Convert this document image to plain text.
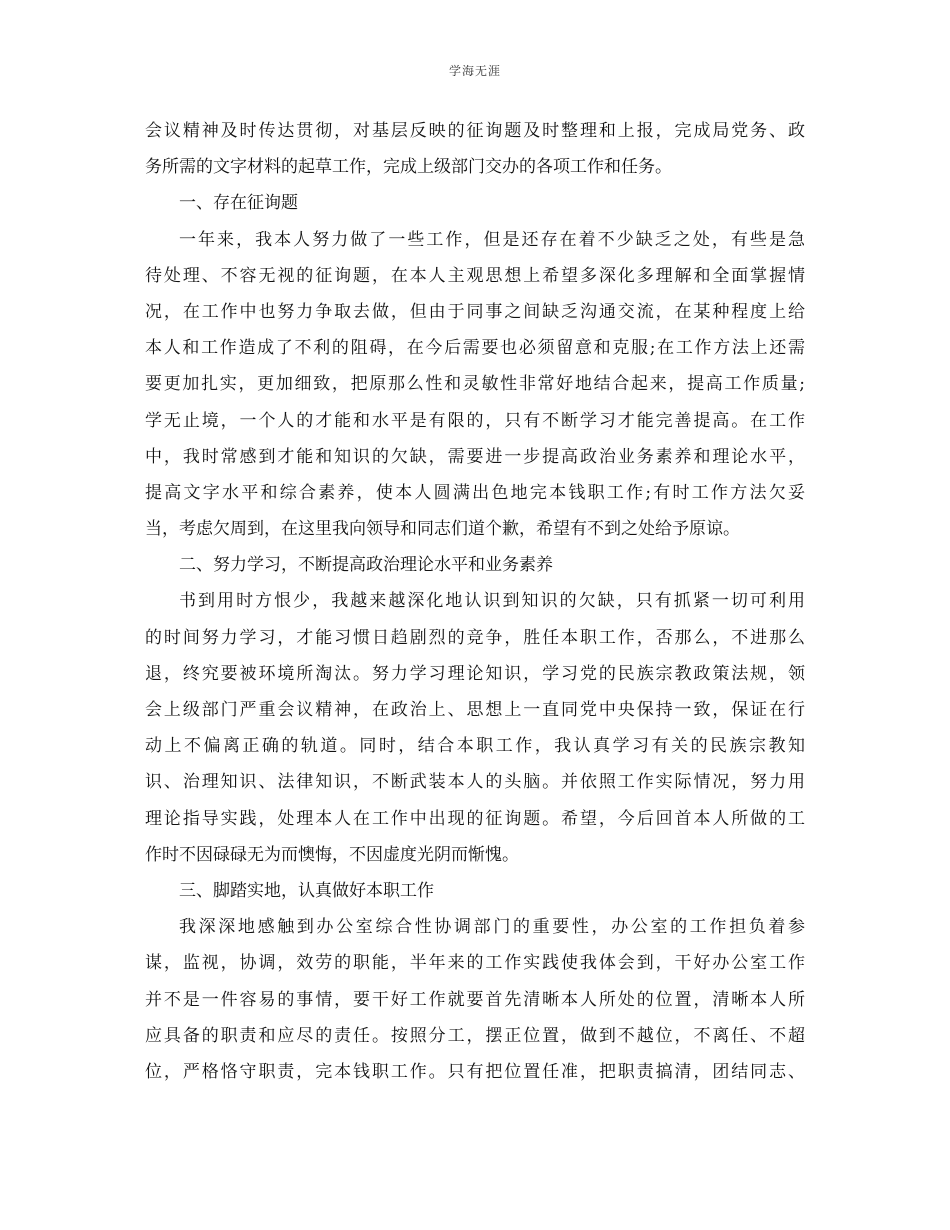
学海无涯
会议精神及时传达贯彻，对基层反映的征询题及时整理和上报，完成局党务、政
务所需的文字材料的起草工作，完成上级部门交办的各项工作和任务。
一、存在征询题
一年来，我本人努力做了一些工作，但是还存在着不少缺乏之处，有些是急
待处理、不容无视的征询题，在本人主观思想上希望多深化多理解和全面掌握情
况，在工作中也努力争取去做，但由于同事之间缺乏沟通交流，在某种程度上给
本人和工作造成了不利的阻碍，在今后需要也必须留意和克服;在工作方法上还需
要更加扎实，更加细致，把原那么性和灵敏性非常好地结合起来，提高工作质量;
学无止境，一个人的才能和水平是有限的，只有不断学习才能完善提高。在工作
中，我时常感到才能和知识的欠缺，需要进一步提高政治业务素养和理论水平，
提高文字水平和综合素养，使本人圆满出色地完本钱职工作;有时工作方法欠妥
当，考虑欠周到，在这里我向领导和同志们道个歉，希望有不到之处给予原谅。
二、努力学习，不断提高政治理论水平和业务素养
书到用时方恨少，我越来越深化地认识到知识的欠缺，只有抓紧一切可利用
的时间努力学习，才能习惯日趋剧烈的竞争，胜任本职工作，否那么，不进那么
退，终究要被环境所淘汰。努力学习理论知识，学习党的民族宗教政策法规，领
会上级部门严重会议精神，在政治上、思想上一直同党中央保持一致，保证在行
动上不偏离正确的轨道。同时，结合本职工作，我认真学习有关的民族宗教知
识、治理知识、法律知识，不断武装本人的头脑。并依照工作实际情况，努力用
理论指导实践，处理本人在工作中出现的征询题。希望，今后回首本人所做的工
作时不因碌碌无为而懊悔，不因虚度光阴而惭愧。
三、脚踏实地，认真做好本职工作
我深深地感触到办公室综合性协调部门的重要性，办公室的工作担负着参
谋，监视，协调，效劳的职能，半年来的工作实践使我体会到，干好办公室工作
并不是一件容易的事情，要干好工作就要首先清晰本人所处的位置，清晰本人所
应具备的职责和应尽的责任。按照分工，摆正位置，做到不越位，不离任、不超
位，严格恪守职责，完本钱职工作。只有把位置任准，把职责搞清，团结同志、
